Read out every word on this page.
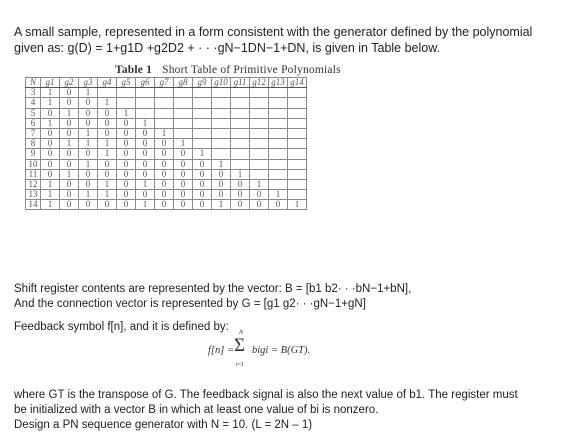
A small sample, represented in a form consistent with the generator defined by the polynomial
given as: g(D) = 1+g1D +g2D2 + · · ·gN−1DN−1+DN, is given in Table below.
Table 1 Short Table of Primitive Polynomials
N	g1	g2	g3	g4	g5	g6	g7	g8	g9	g10	g11	g12	g13	g14
3	1	0	1											
4	1	0	0	1										
5	0	1	0	0	1									
6	1	0	0	0	0	1								
7	0	0	1	0	0	0	1							
8	0	1	1	1	0	0	0	1						
9	0	0	0	1	0	0	0	0	1					
10	0	0	1	0	0	0	0	0	0	1				
11	0	1	0	0	0	0	0	0	0	0	1			
12	1	0	0	1	0	1	0	0	0	0	0	1		
13	1	0	1	1	0	0	0	0	0	0	0	0	1	
14	1	0	0	0	0	1	0	0	0	1	0	0	0	1
Shift register contents are represented by the vector: B = [b1 b2· · ·bN−1+bN],
And the connection vector is represented by G = [g1 g2· · ·gN−1+gN]
Feedback symbol f[n], and it is defined by:
f[n] =
N
Σ
i=1
bigi = B(GT).
where GT is the transpose of G. The feedback signal is also the next value of b1. The register must
be initialized with a vector B in which at least one value of bi is nonzero.
Design a PN sequence generator with N = 10. (L = 2N – 1)
